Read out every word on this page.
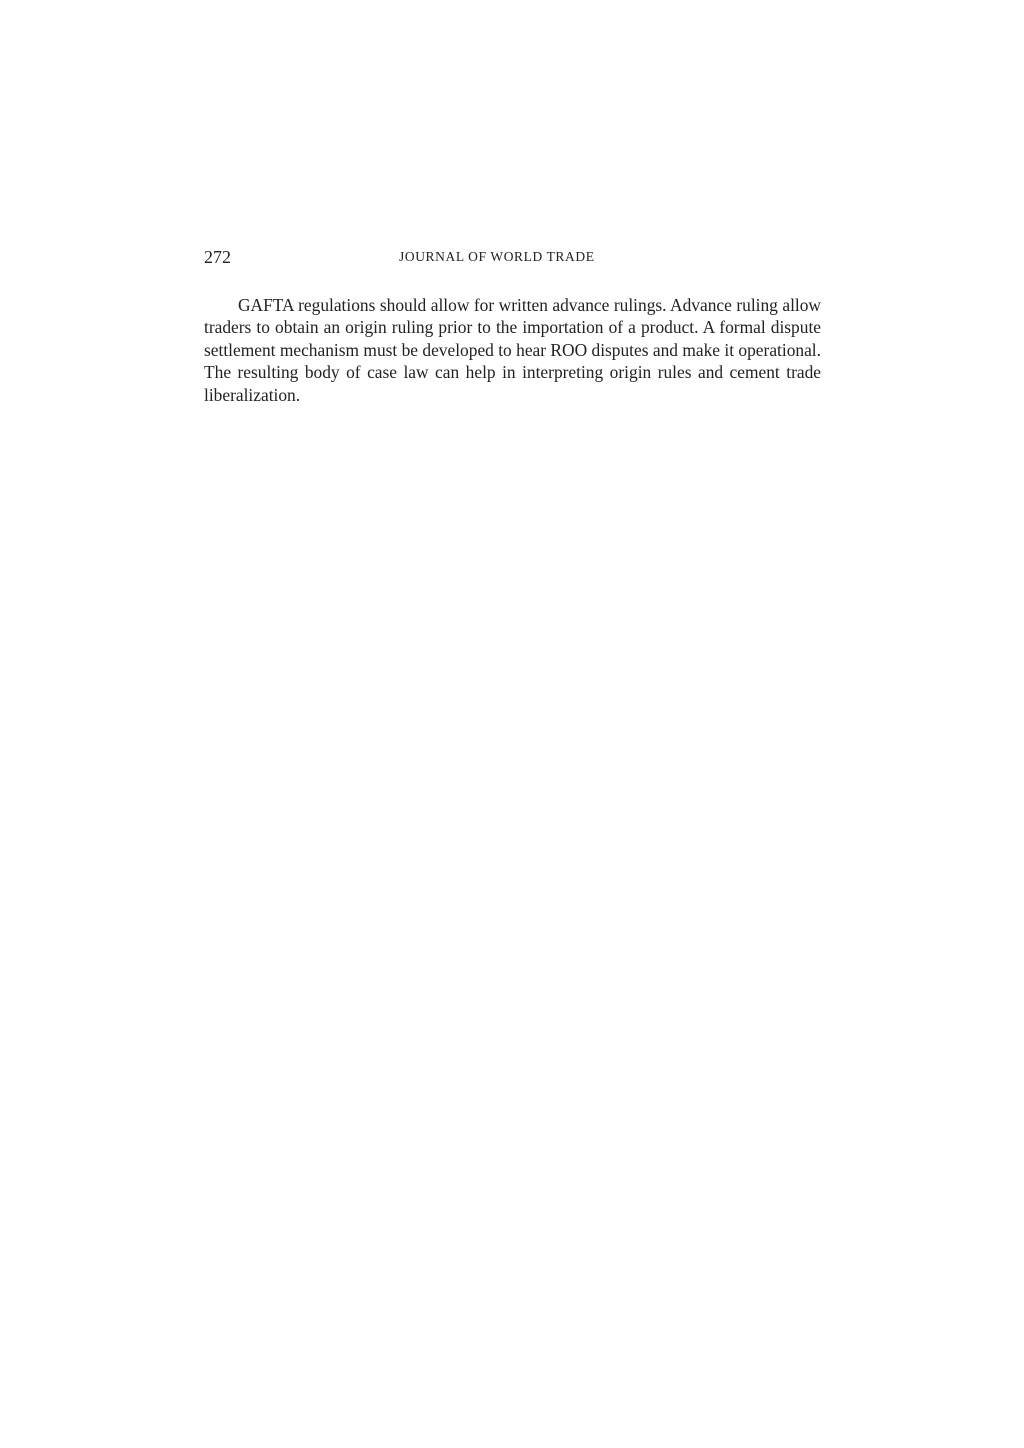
272	JOURNAL OF WORLD TRADE

GAFTA regulations should allow for written advance rulings. Advance ruling allow traders to obtain an origin ruling prior to the importation of a product. A formal dispute settlement mechanism must be developed to hear ROO disputes and make it operational. The resulting body of case law can help in interpreting origin rules and cement trade liberalization.
